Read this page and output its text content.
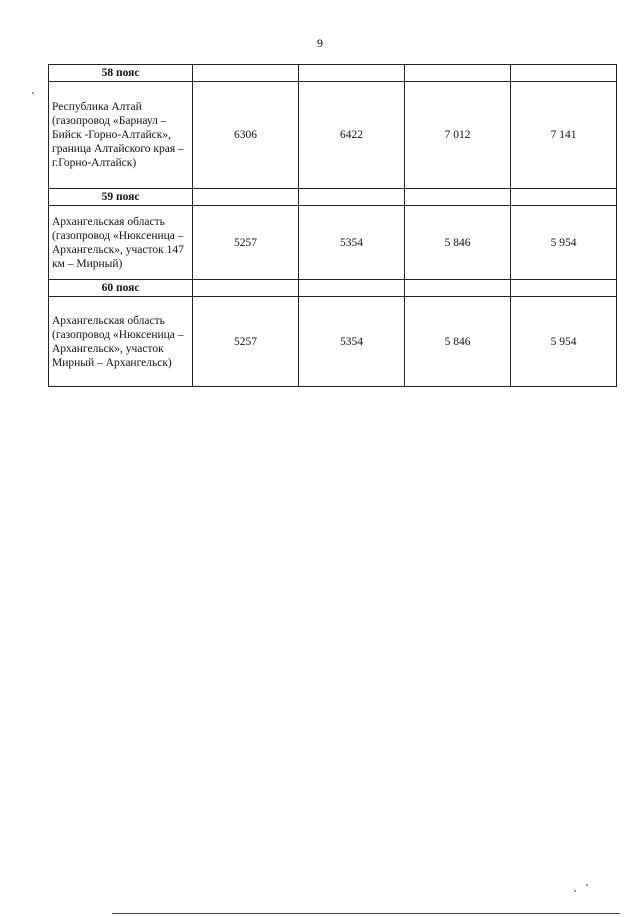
9
58 пояс				
Республика Алтай (газопровод «Барнаул – Бийск -Горно-Алтайск», граница Алтайского края – г.Горно-Алтайск)	6306	6422	7 012	7 141
59 пояс				
Архангельская область (газопровод «Нюксеница – Архангельск», участок 147 км – Мирный)	5257	5354	5 846	5 954
60 пояс				
Архангельская область (газопровод «Нюксеница – Архангельск», участок Мирный – Архангельск)	5257	5354	5 846	5 954
